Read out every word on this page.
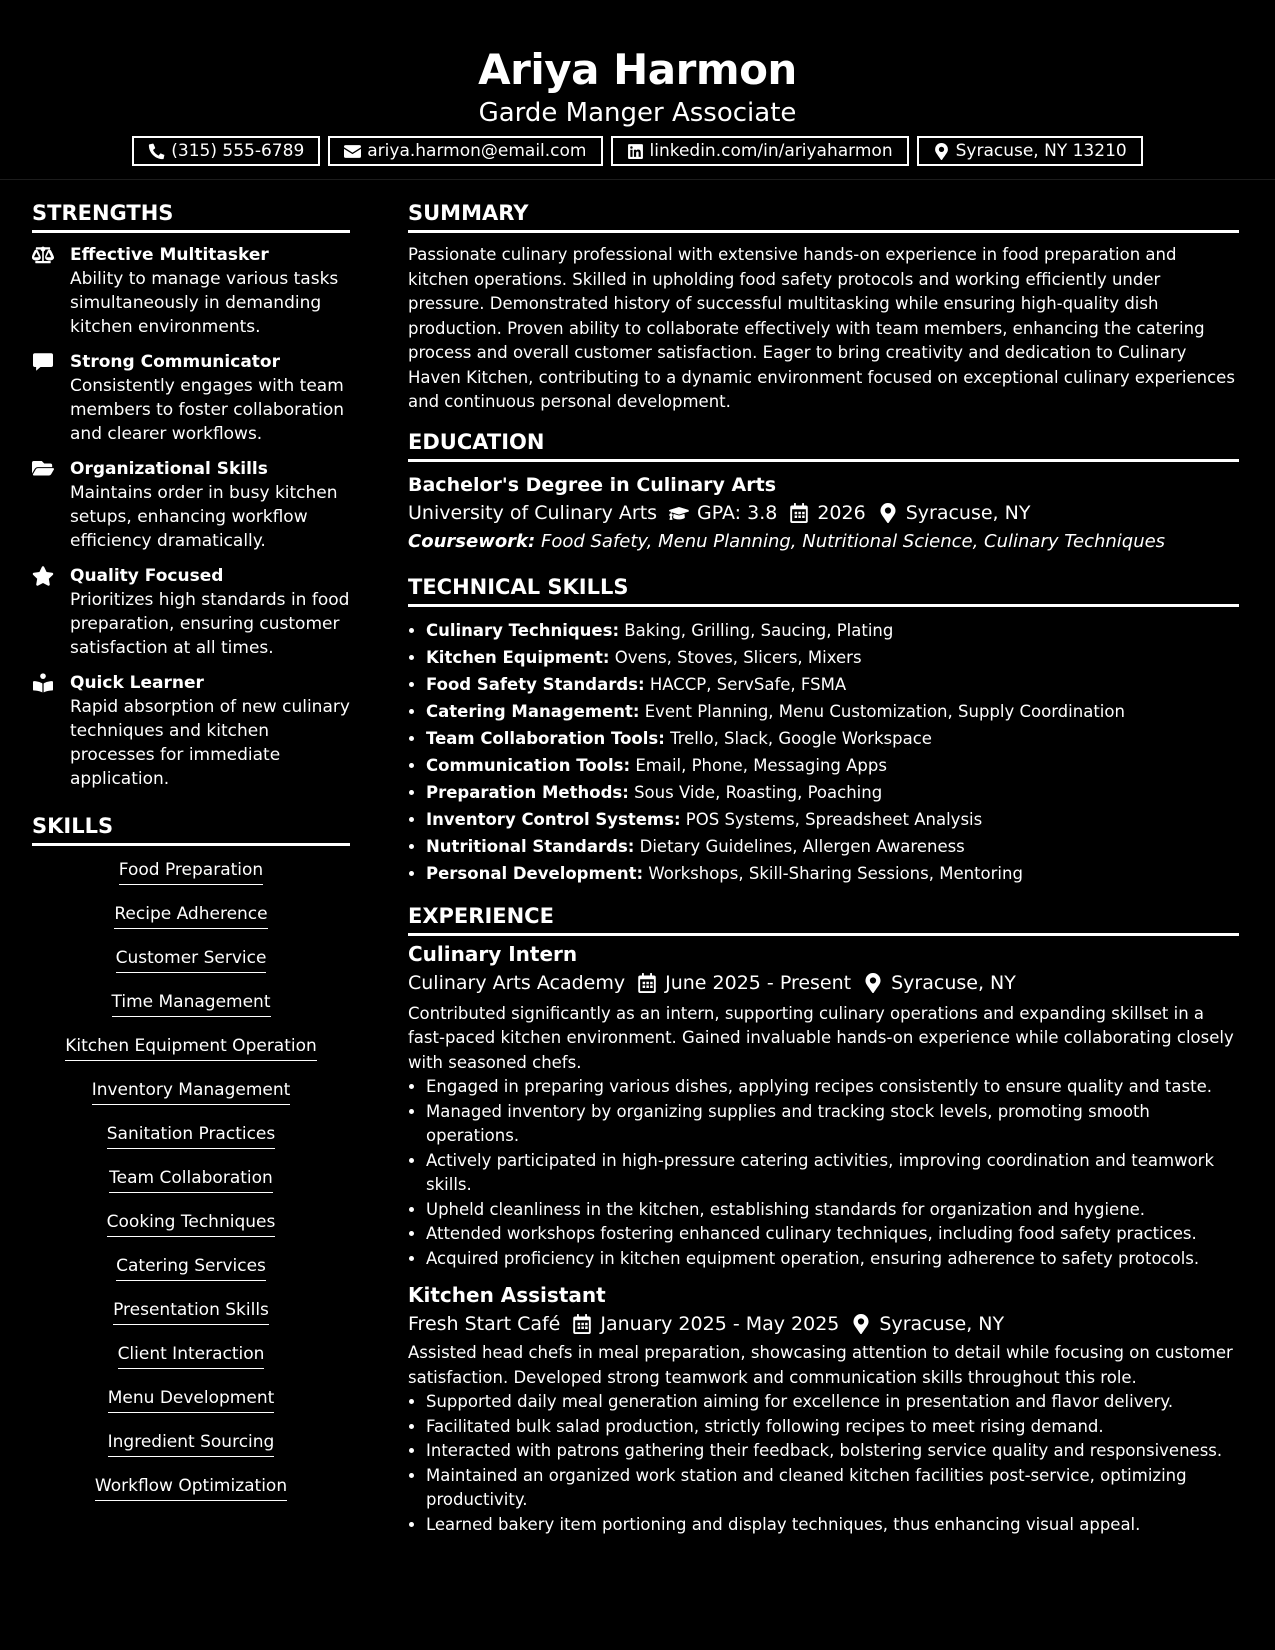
Ariya Harmon
Garde Manger Associate
(315) 555-6789	ariya.harmon@email.com	linkedin.com/in/ariyaharmon	Syracuse, NY 13210
STRENGTHS
Effective Multitasker
Ability to manage various tasks simultaneously in demanding kitchen environments.
Strong Communicator
Consistently engages with team members to foster collaboration and clearer workflows.
Organizational Skills
Maintains order in busy kitchen setups, enhancing workflow efficiency dramatically.
Quality Focused
Prioritizes high standards in food preparation, ensuring customer satisfaction at all times.
Quick Learner
Rapid absorption of new culinary techniques and kitchen processes for immediate application.
SKILLS
Food Preparation
Recipe Adherence
Customer Service
Time Management
Kitchen Equipment Operation
Inventory Management
Sanitation Practices
Team Collaboration
Cooking Techniques
Catering Services
Presentation Skills
Client Interaction
Menu Development
Ingredient Sourcing
Workflow Optimization
SUMMARY

Passionate culinary professional with extensive hands-on experience in food preparation and kitchen operations. Skilled in upholding food safety protocols and working efficiently under pressure. Demonstrated history of successful multitasking while ensuring high-quality dish production. Proven ability to collaborate effectively with team members, enhancing the catering process and overall customer satisfaction. Eager to bring creativity and dedication to Culinary Haven Kitchen, contributing to a dynamic environment focused on exceptional culinary experiences and continuous personal development.

EDUCATION
Bachelor's Degree in Culinary Arts
University of Culinary Arts GPA: 3.8 2026 Syracuse, NY
Coursework: Food Safety, Menu Planning, Nutritional Science, Culinary Techniques
TECHNICAL SKILLS
• Culinary Techniques: Baking, Grilling, Saucing, Plating
• Kitchen Equipment: Ovens, Stoves, Slicers, Mixers
• Food Safety Standards: HACCP, ServSafe, FSMA
• Catering Management: Event Planning, Menu Customization, Supply Coordination
• Team Collaboration Tools: Trello, Slack, Google Workspace
• Communication Tools: Email, Phone, Messaging Apps
• Preparation Methods: Sous Vide, Roasting, Poaching
• Inventory Control Systems: POS Systems, Spreadsheet Analysis
• Nutritional Standards: Dietary Guidelines, Allergen Awareness
• Personal Development: Workshops, Skill-Sharing Sessions, Mentoring
EXPERIENCE
Culinary Intern
Culinary Arts Academy June 2025 - Present Syracuse, NY

Contributed significantly as an intern, supporting culinary operations and expanding skillset in a fast-paced kitchen environment. Gained invaluable hands-on experience while collaborating closely with seasoned chefs.

• Engaged in preparing various dishes, applying recipes consistently to ensure quality and taste.
• Managed inventory by organizing supplies and tracking stock levels, promoting smooth operations.
• Actively participated in high-pressure catering activities, improving coordination and teamwork skills.
• Upheld cleanliness in the kitchen, establishing standards for organization and hygiene.
• Attended workshops fostering enhanced culinary techniques, including food safety practices.
• Acquired proficiency in kitchen equipment operation, ensuring adherence to safety protocols.
Kitchen Assistant
Fresh Start Café January 2025 - May 2025 Syracuse, NY

Assisted head chefs in meal preparation, showcasing attention to detail while focusing on customer satisfaction. Developed strong teamwork and communication skills throughout this role.

• Supported daily meal generation aiming for excellence in presentation and flavor delivery.
• Facilitated bulk salad production, strictly following recipes to meet rising demand.
• Interacted with patrons gathering their feedback, bolstering service quality and responsiveness.
• Maintained an organized work station and cleaned kitchen facilities post-service, optimizing productivity.
• Learned bakery item portioning and display techniques, thus enhancing visual appeal.
